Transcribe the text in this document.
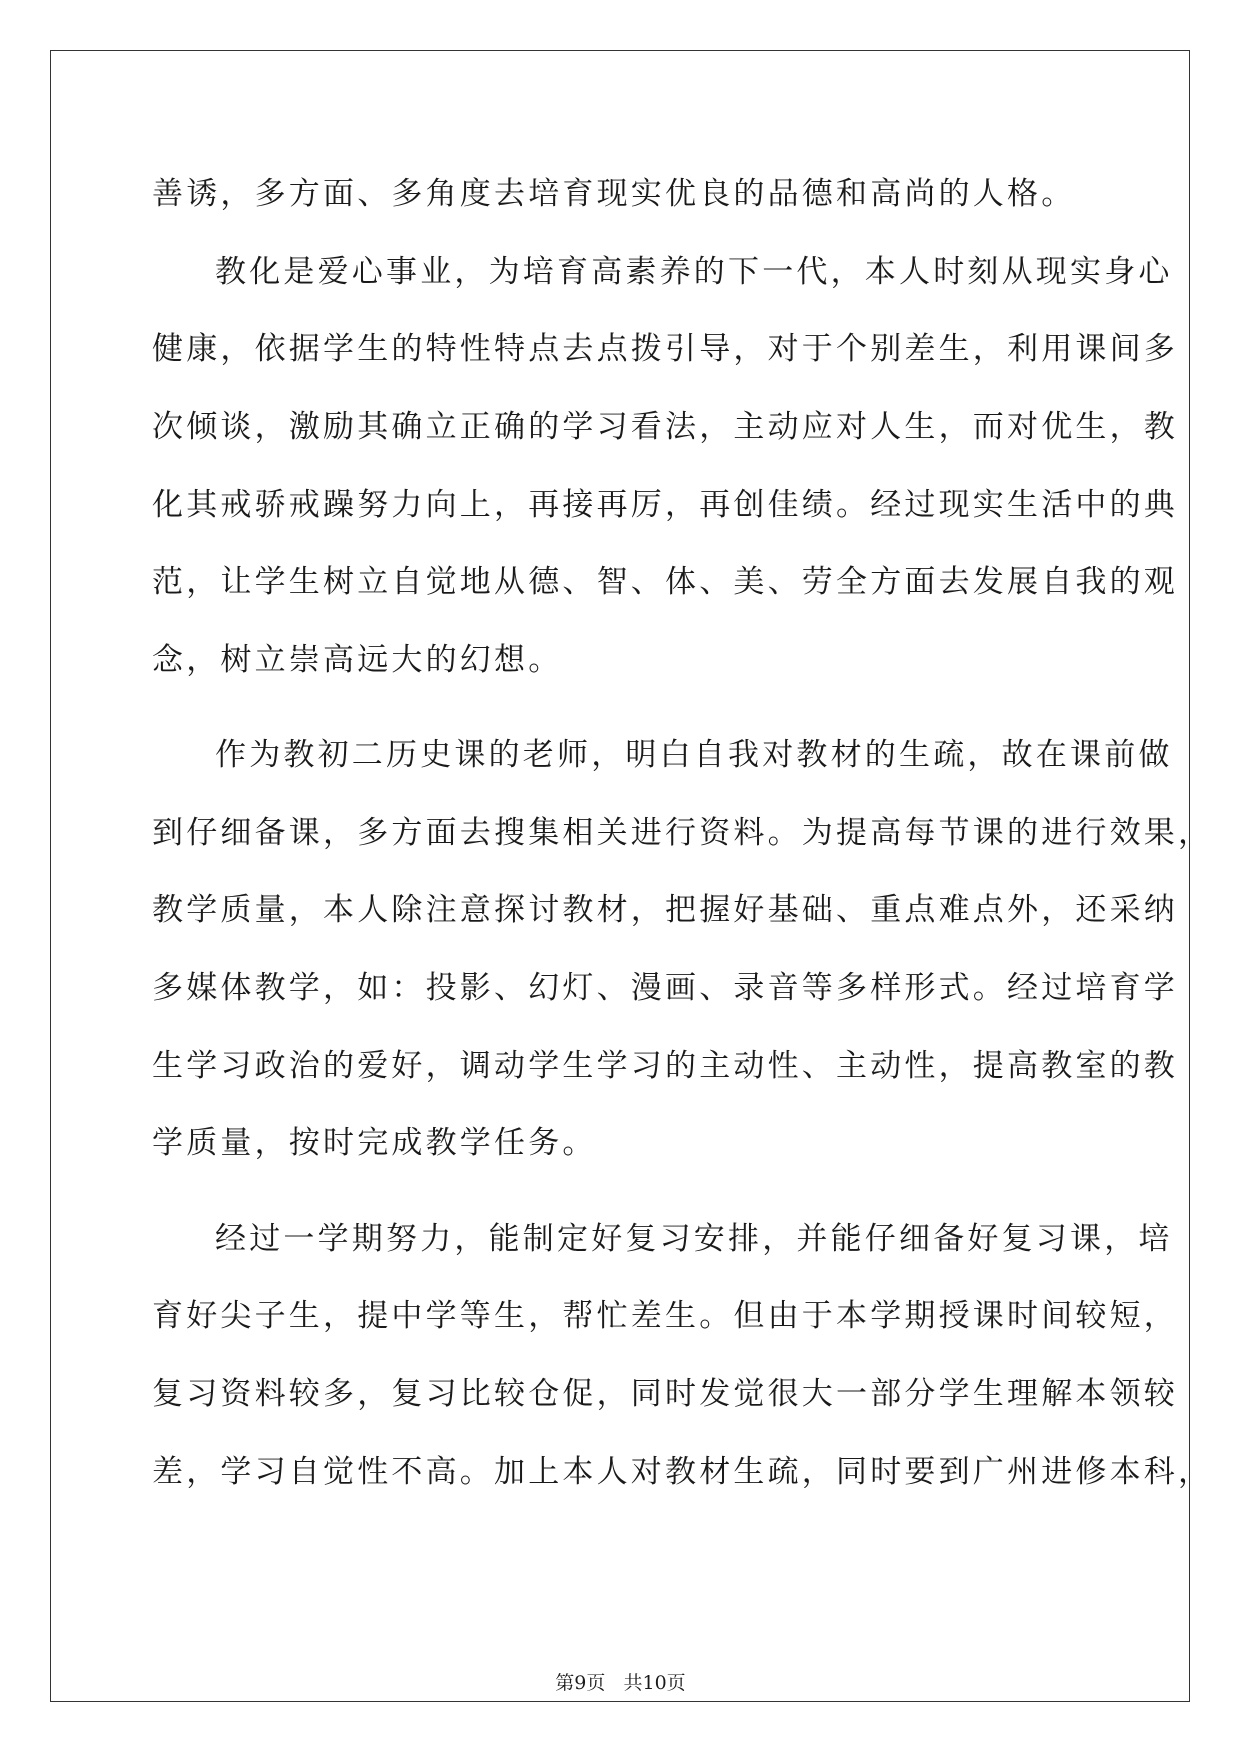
善诱，多方面、多角度去培育现实优良的品德和高尚的人格。
教化是爱心事业，为培育高素养的下一代，本人时刻从现实身心
健康，依据学生的特性特点去点拨引导，对于个别差生，利用课间多
次倾谈，激励其确立正确的学习看法，主动应对人生，而对优生，教
化其戒骄戒躁努力向上，再接再厉，再创佳绩。经过现实生活中的典
范，让学生树立自觉地从德、智、体、美、劳全方面去发展自我的观
念，树立崇高远大的幻想。
作为教初二历史课的老师，明白自我对教材的生疏，故在课前做
到仔细备课，多方面去搜集相关进行资料。为提高每节课的进行效果，
教学质量，本人除注意探讨教材，把握好基础、重点难点外，还采纳
多媒体教学，如：投影、幻灯、漫画、录音等多样形式。经过培育学
生学习政治的爱好，调动学生学习的主动性、主动性，提高教室的教
学质量，按时完成教学任务。
经过一学期努力，能制定好复习安排，并能仔细备好复习课，培
育好尖子生，提中学等生，帮忙差生。但由于本学期授课时间较短，
复习资料较多，复习比较仓促，同时发觉很大一部分学生理解本领较
差，学习自觉性不高。加上本人对教材生疏，同时要到广州进修本科，
第9页   共10页
